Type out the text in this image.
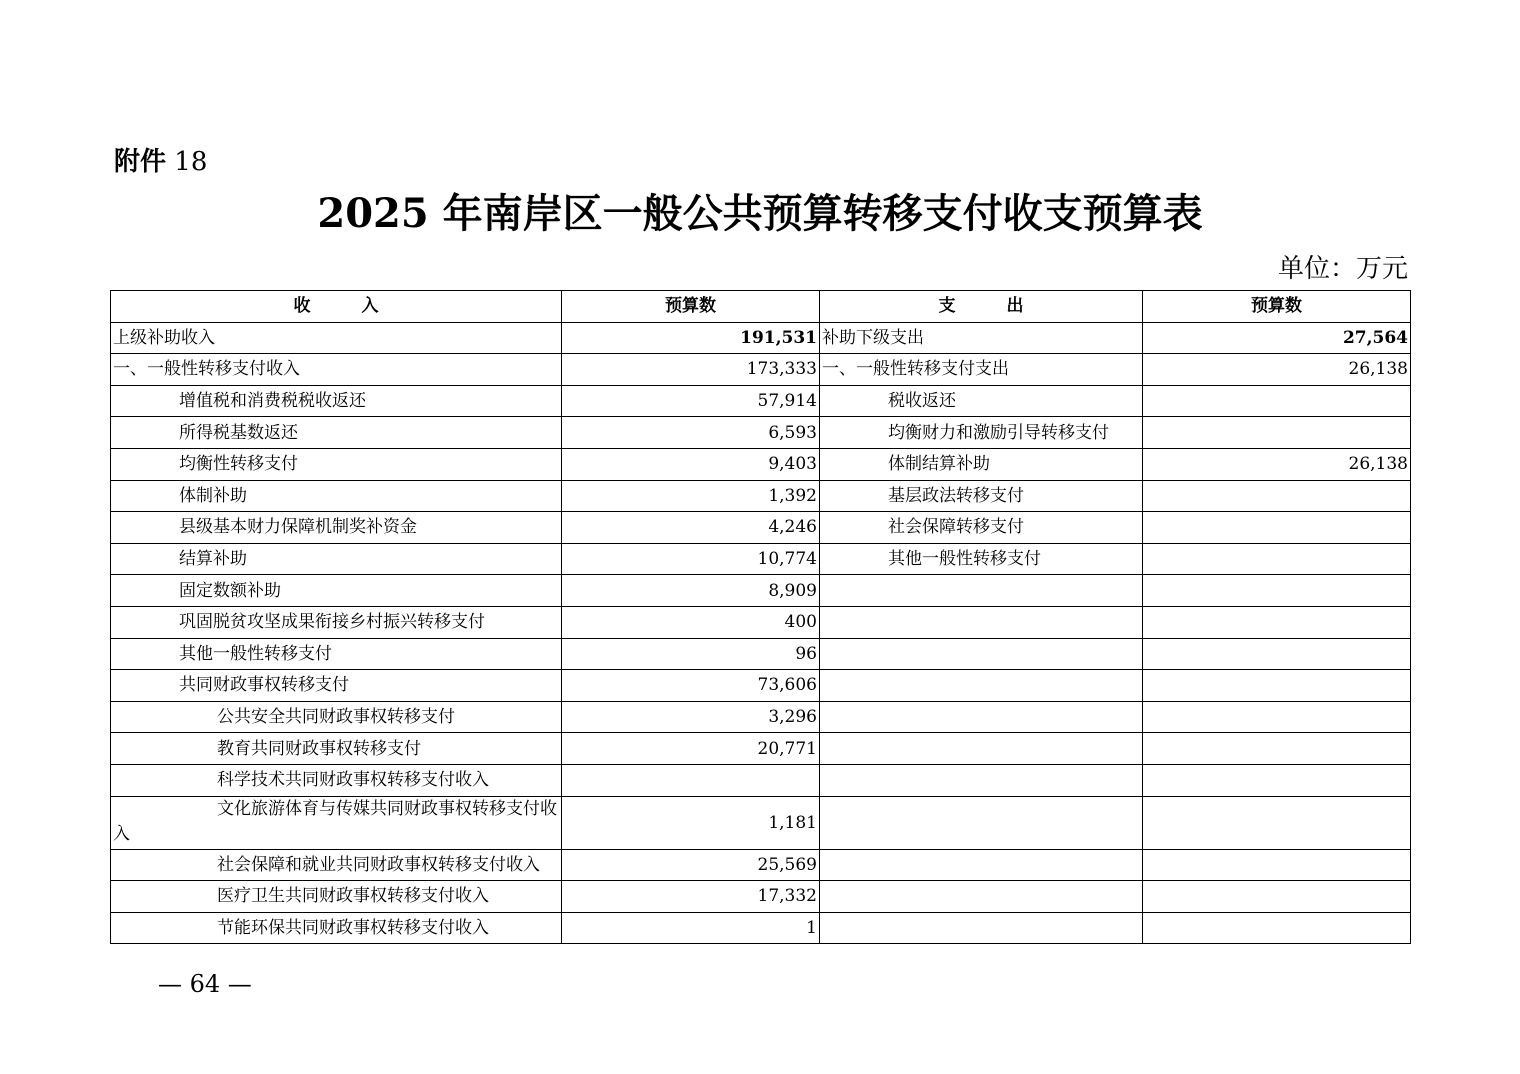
附件 18
2025 年南岸区一般公共预算转移支付收支预算表
单位：万元
收　　　入	预算数	支　　　出	预算数
上级补助收入	191,531	补助下级支出	27,564
一、一般性转移支付收入	173,333	一、一般性转移支付支出	26,138
增值税和消费税税收返还	57,914	税收返还	
所得税基数返还	6,593	均衡财力和激励引导转移支付	
均衡性转移支付	9,403	体制结算补助	26,138
体制补助	1,392	基层政法转移支付	
县级基本财力保障机制奖补资金	4,246	社会保障转移支付	
结算补助	10,774	其他一般性转移支付	
固定数额补助	8,909		
巩固脱贫攻坚成果衔接乡村振兴转移支付	400		
其他一般性转移支付	96		
共同财政事权转移支付	73,606		
公共安全共同财政事权转移支付	3,296		
教育共同财政事权转移支付	20,771		
科学技术共同财政事权转移支付收入			
文化旅游体育与传媒共同财政事权转移支付收入	1,181		
社会保障和就业共同财政事权转移支付收入	25,569		
医疗卫生共同财政事权转移支付收入	17,332		
节能环保共同财政事权转移支付收入	1		
— 64 —
